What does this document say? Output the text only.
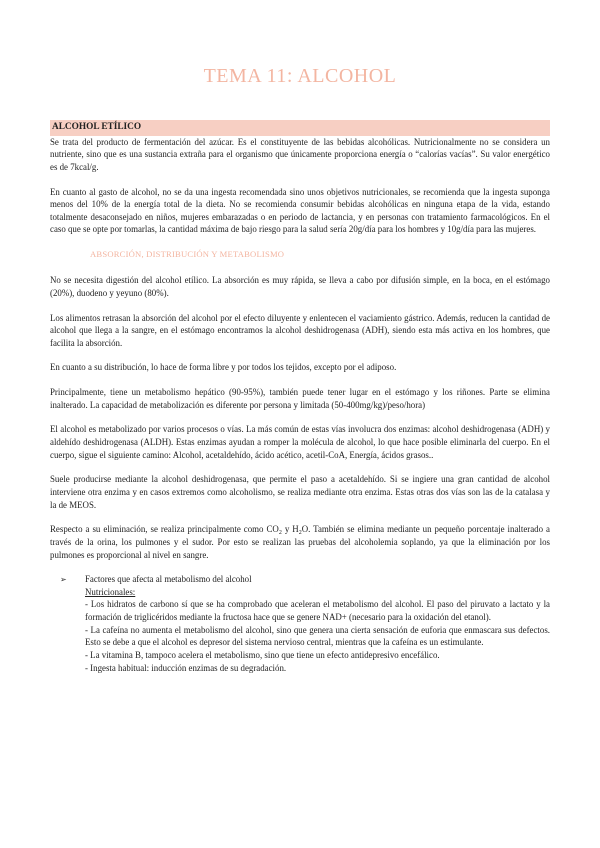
TEMA 11: ALCOHOL
ALCOHOL ETÍLICO

Se trata del producto de fermentación del azúcar. Es el constituyente de las bebidas alcohólicas. Nutricionalmente no se considera un nutriente, sino que es una sustancia extraña para el organismo que únicamente proporciona energía o “calorías vacías”. Su valor energético es de 7kcal/g.

En cuanto al gasto de alcohol, no se da una ingesta recomendada sino unos objetivos nutricionales, se recomienda que la ingesta suponga menos del 10% de la energía total de la dieta. No se recomienda consumir bebidas alcohólicas en ninguna etapa de la vida, estando totalmente desaconsejado en niños, mujeres embarazadas o en periodo de lactancia, y en personas con tratamiento farmacológicos. En el caso que se opte por tomarlas, la cantidad máxima de bajo riesgo para la salud sería 20g/día para los hombres y 10g/día para las mujeres.

ABSORCIÓN, DISTRIBUCIÓN Y METABOLISMO

No se necesita digestión del alcohol etílico. La absorción es muy rápida, se lleva a cabo por difusión simple, en la boca, en el estómago (20%), duodeno y yeyuno (80%).

Los alimentos retrasan la absorción del alcohol por el efecto diluyente y enlentecen el vaciamiento gástrico. Además, reducen la cantidad de alcohol que llega a la sangre, en el estómago encontramos la alcohol deshidrogenasa (ADH), siendo esta más activa en los hombres, que facilita la absorción.

En cuanto a su distribución, lo hace de forma libre y por todos los tejidos, excepto por el adiposo.

Principalmente, tiene un metabolismo hepático (90-95%), también puede tener lugar en el estómago y los riñones. Parte se elimina inalterado. La capacidad de metabolización es diferente por persona y limitada (50-400mg/kg)/peso/hora)

El alcohol es metabolizado por varios procesos o vías. La más común de estas vías involucra dos enzimas: alcohol deshidrogenasa (ADH) y aldehído deshidrogenasa (ALDH). Estas enzimas ayudan a romper la molécula de alcohol, lo que hace posible eliminarla del cuerpo. En el cuerpo, sigue el siguiente camino: Alcohol, acetaldehído, ácido acético, acetil-CoA, Energía, ácidos grasos..

Suele producirse mediante la alcohol deshidrogenasa, que permite el paso a acetaldehído. Si se ingiere una gran cantidad de alcohol interviene otra enzima y en casos extremos como alcoholismo, se realiza mediante otra enzima. Estas otras dos vías son las de la catalasa y la de MEOS.

Respecto a su eliminación, se realiza principalmente como $CO_2$ y $H_2O$. También se elimina mediante un pequeño porcentaje inalterado a través de la orina, los pulmones y el sudor. Por esto se realizan las pruebas del alcoholemia soplando, ya que la eliminación por los pulmones es proporcional al nivel en sangre.

➢	Factores que afecta al metabolismo del alcohol
Nutricionales:
- Los hidratos de carbono sí que se ha comprobado que aceleran el metabolismo del alcohol. El paso del piruvato a lactato y la formación de triglicéridos mediante la fructosa hace que se genere NAD+ (necesario para la oxidación del etanol).
- La cafeína no aumenta el metabolismo del alcohol, sino que genera una cierta sensación de euforia que enmascara sus defectos. Esto se debe a que el alcohol es depresor del sistema nervioso central, mientras que la cafeína es un estimulante.
- La vitamina B, tampoco acelera el metabolismo, sino que tiene un efecto antidepresivo encefálico.
- Ingesta habitual: inducción enzimas de su degradación.
